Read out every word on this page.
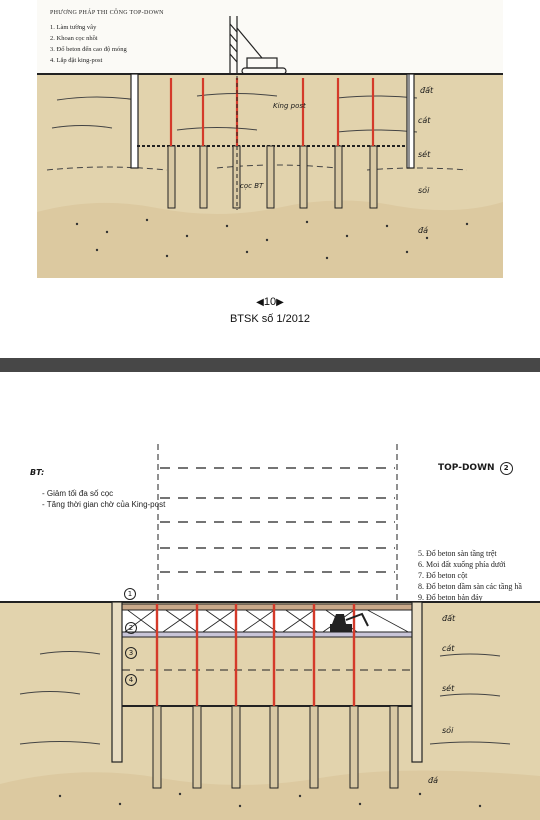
PHƯƠNG PHÁP THI CÔNG TOP-DOWN
1. Làm tường vây
2. Khoan cọc nhồi
3. Đổ beton đến cao độ móng
4. Lắp đặt king-post
King post
cọc BT
đất
cát
sét
sỏi
đá
◀10▶
BTSK số 1/2012
1
2
3
4
BT:
- Giảm tối đa số cọc
- Tăng thời gian chờ của King-post
TOP-DOWN 2
5. Đổ beton sàn tầng trệt
6. Moi đất xuống phía dưới
7. Đổ beton cột
8. Đổ beton dầm sàn các tầng hầ
9. Đổ beton bản đáy
đất
cát
sét
sỏi
đá
